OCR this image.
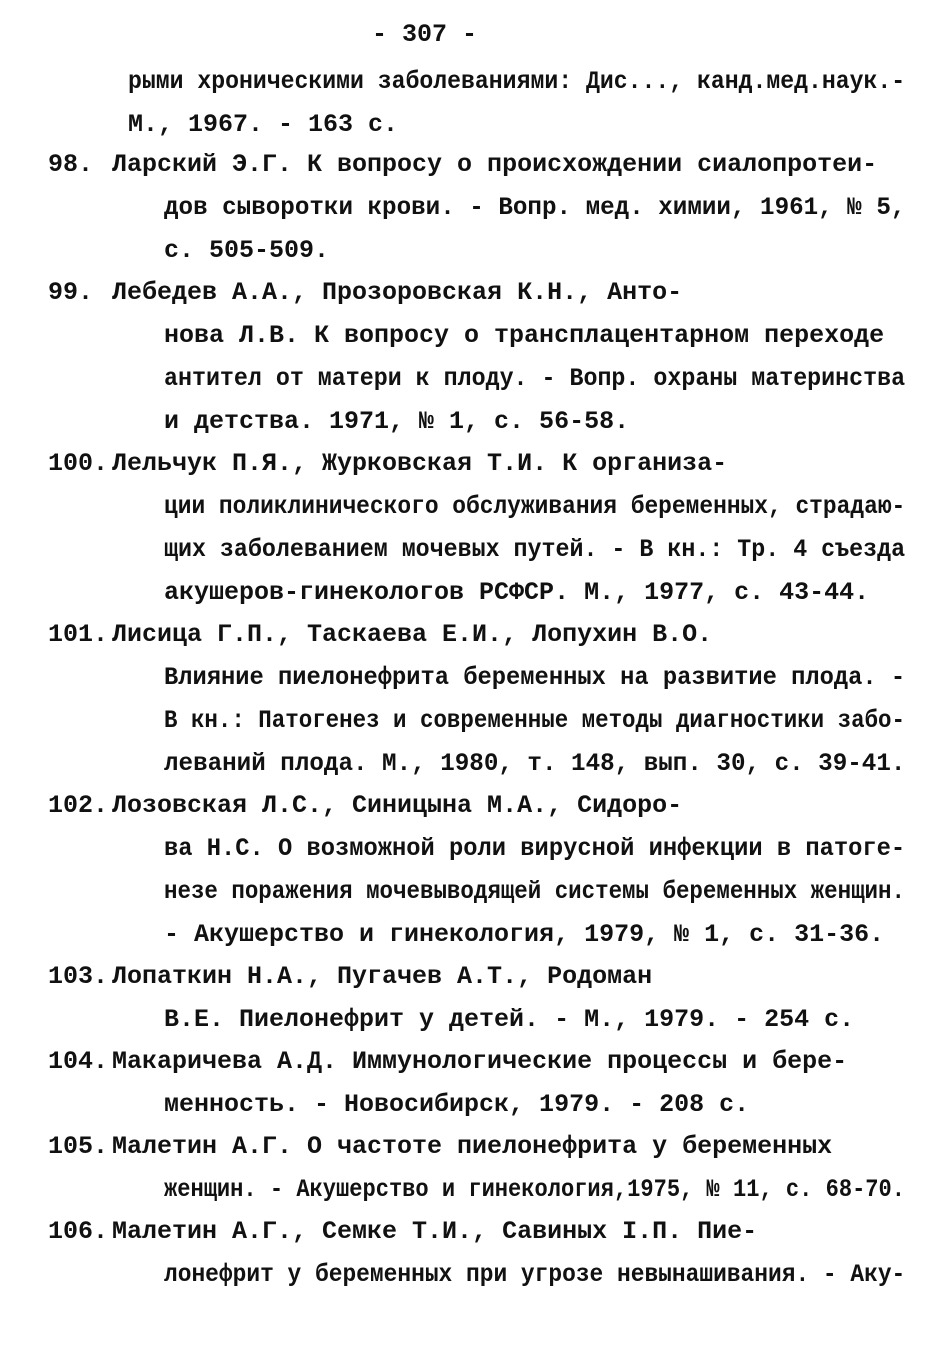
- 307 -
рыми хроническими заболеваниями: Дис..., канд.мед.наук.-
М., 1967. - 163 с.
98. Ларский Э.Г. К вопросу о происхождении сиалопротеи-
дов сыворотки крови. - Вопр. мед. химии, 1961, № 5,
с. 505-509.
99. Лебедев А.А., Прозоровская К.Н., Анто-
нова Л.В. К вопросу о трансплацентарном переходе
антител от матери к плоду. - Вопр. охраны материнства
и детства. 1971, № 1, с. 56-58.
100. Лельчук П.Я., Журковская Т.И. К организа-
ции поликлинического обслуживания беременных, страдаю-
щих заболеванием мочевых путей. - В кн.: Тр. 4 съезда
акушеров-гинекологов РСФСР. М., 1977, с. 43-44.
101. Лисица Г.П., Таскаева Е.И., Лопухин В.О.
Влияние пиелонефрита беременных на развитие плода. -
В кн.: Патогенез и современные методы диагностики забо-
леваний плода. М., 1980, т. 148, вып. 30, с. 39-41.
102. Лозовская Л.С., Синицына М.А., Сидоро-
ва Н.С. О возможной роли вирусной инфекции в патоге-
незе поражения мочевыводящей системы беременных женщин.
- Акушерство и гинекология, 1979, № 1, с. 31-36.
103. Лопаткин Н.А., Пугачев А.Т., Родоман
В.Е. Пиелонефрит у детей. - М., 1979. - 254 с.
104. Макаричева А.Д. Иммунологические процессы и бере-
менность. - Новосибирск, 1979. - 208 с.
105. Малетин А.Г. О частоте пиелонефрита у беременных
женщин. - Акушерство и гинекология,1975, № 11, с. 68-70.
106. Малетин А.Г., Семке Т.И., Савиных I.П. Пие-
лонефрит у беременных при угрозе невынашивания. - Аку-
